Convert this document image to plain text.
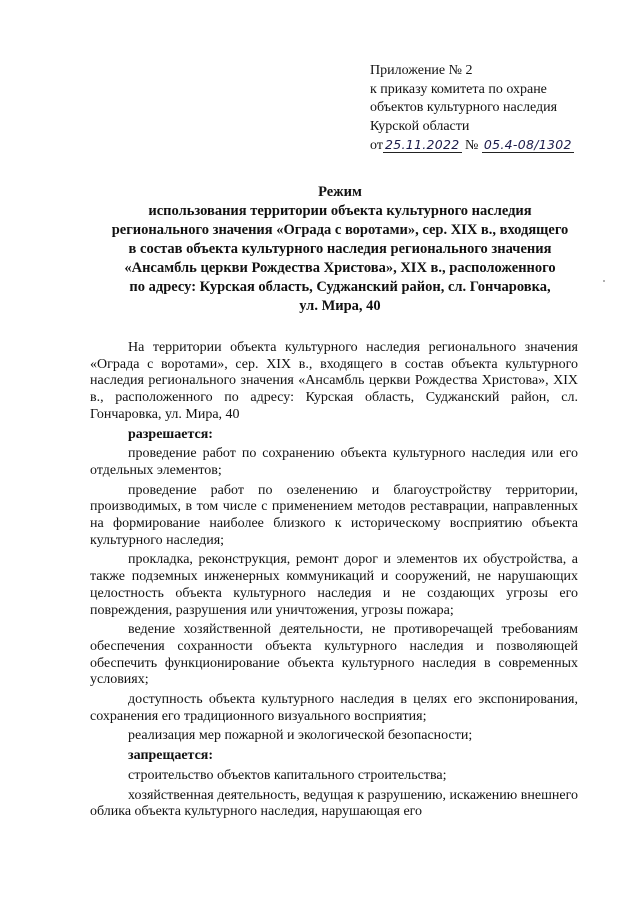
Приложение № 2
к приказу комитета по охране
объектов культурного наследия
Курской области
от 25.11.2022 № 05.4-08/1302
Режим
использования территории объекта культурного наследия
регионального значения «Ограда с воротами», сер. XIX в., входящего
в состав объекта культурного наследия регионального значения
«Ансамбль церкви Рождества Христова», XIX в., расположенного
по адресу: Курская область, Суджанский район, сл. Гончаровка,
ул. Мира, 40

На территории объекта культурного наследия регионального значения «Ограда с воротами», сер. XIX в., входящего в состав объекта культурного наследия регионального значения «Ансамбль церкви Рождества Христова», XIX в., расположенного по адресу: Курская область, Суджанский район, сл. Гончаровка, ул. Мира, 40

разрешается:

проведение работ по сохранению объекта культурного наследия или его отдельных элементов;

проведение работ по озеленению и благоустройству территории, производимых, в том числе с применением методов реставрации, направленных на формирование наиболее близкого к историческому восприятию объекта культурного наследия;

прокладка, реконструкция, ремонт дорог и элементов их обустройства, а также подземных инженерных коммуникаций и сооружений, не нарушающих целостность объекта культурного наследия и не создающих угрозы его повреждения, разрушения или уничтожения, угрозы пожара;

ведение хозяйственной деятельности, не противоречащей требованиям обеспечения сохранности объекта культурного наследия и позволяющей обеспечить функционирование объекта культурного наследия в современных условиях;

доступность объекта культурного наследия в целях его экспонирования, сохранения его традиционного визуального восприятия;

реализация мер пожарной и экологической безопасности;

запрещается:

строительство объектов капитального строительства;

хозяйственная деятельность, ведущая к разрушению, искажению внешнего облика объекта культурного наследия, нарушающая его
